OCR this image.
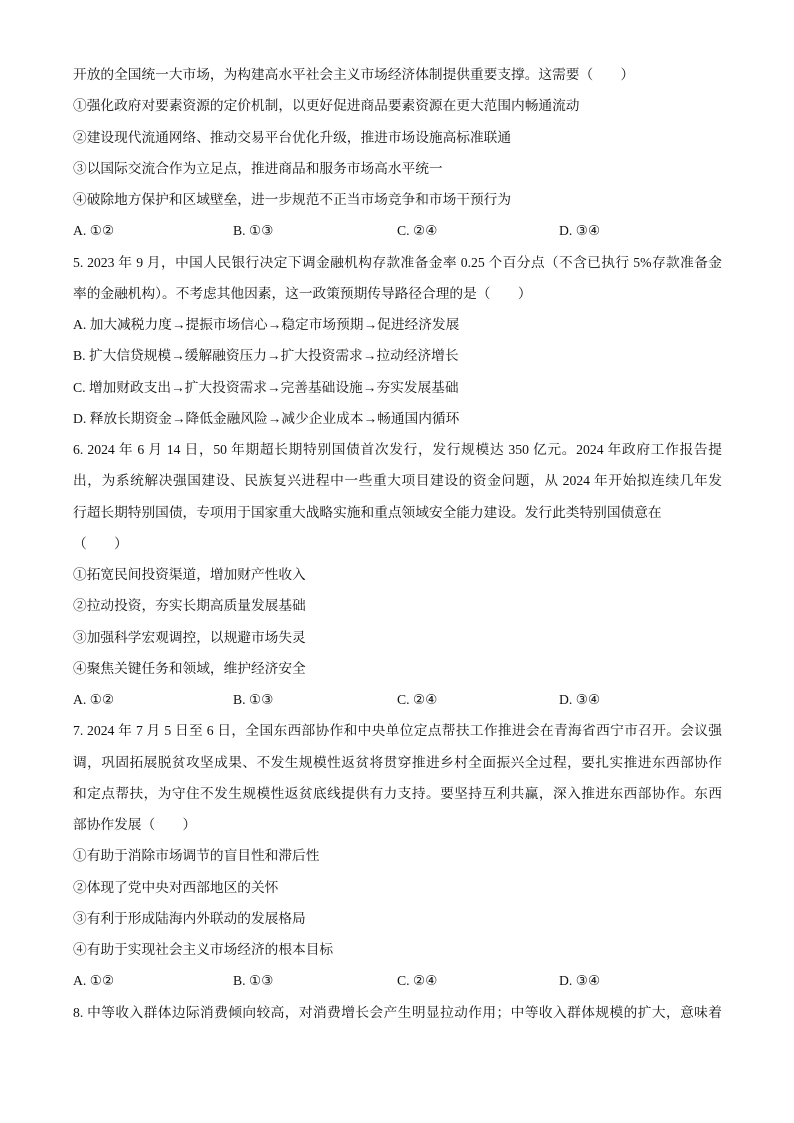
开放的全国统一大市场，为构建高水平社会主义市场经济体制提供重要支撑。这需要（　　）
①强化政府对要素资源的定价机制，以更好促进商品要素资源在更大范围内畅通流动
②建设现代流通网络、推动交易平台优化升级，推进市场设施高标准联通
③以国际交流合作为立足点，推进商品和服务市场高水平统一
④破除地方保护和区域壁垒，进一步规范不正当市场竞争和市场干预行为
A. ①②	B. ①③	C. ②④	D. ③④
5. 2023 年 9 月，中国人民银行决定下调金融机构存款准备金率 0.25 个百分点（不含已执行 5%存款准备金
率的金融机构）。不考虑其他因素，这一政策预期传导路径合理的是（　　）
A. 加大减税力度→提振市场信心→稳定市场预期→促进经济发展
B. 扩大信贷规模→缓解融资压力→扩大投资需求→拉动经济增长
C. 增加财政支出→扩大投资需求→完善基础设施→夯实发展基础
D. 释放长期资金→降低金融风险→减少企业成本→畅通国内循环
6. 2024 年 6 月 14 日，50 年期超长期特别国债首次发行，发行规模达 350 亿元。2024 年政府工作报告提
出，为系统解决强国建设、民族复兴进程中一些重大项目建设的资金问题，从 2024 年开始拟连续几年发
行超长期特别国债，专项用于国家重大战略实施和重点领域安全能力建设。发行此类特别国债意在
（　　）
①拓宽民间投资渠道，增加财产性收入
②拉动投资，夯实长期高质量发展基础
③加强科学宏观调控，以规避市场失灵
④聚焦关键任务和领域，维护经济安全
A. ①②	B. ①③	C. ②④	D. ③④
7. 2024 年 7 月 5 日至 6 日，全国东西部协作和中央单位定点帮扶工作推进会在青海省西宁市召开。会议强
调，巩固拓展脱贫攻坚成果、不发生规模性返贫将贯穿推进乡村全面振兴全过程，要扎实推进东西部协作
和定点帮扶，为守住不发生规模性返贫底线提供有力支持。要坚持互利共赢，深入推进东西部协作。东西
部协作发展（　　）
①有助于消除市场调节的盲目性和滞后性
②体现了党中央对西部地区的关怀
③有利于形成陆海内外联动的发展格局
④有助于实现社会主义市场经济的根本目标
A. ①②	B. ①③	C. ②④	D. ③④
8. 中等收入群体边际消费倾向较高，对消费增长会产生明显拉动作用；中等收入群体规模的扩大，意味着
